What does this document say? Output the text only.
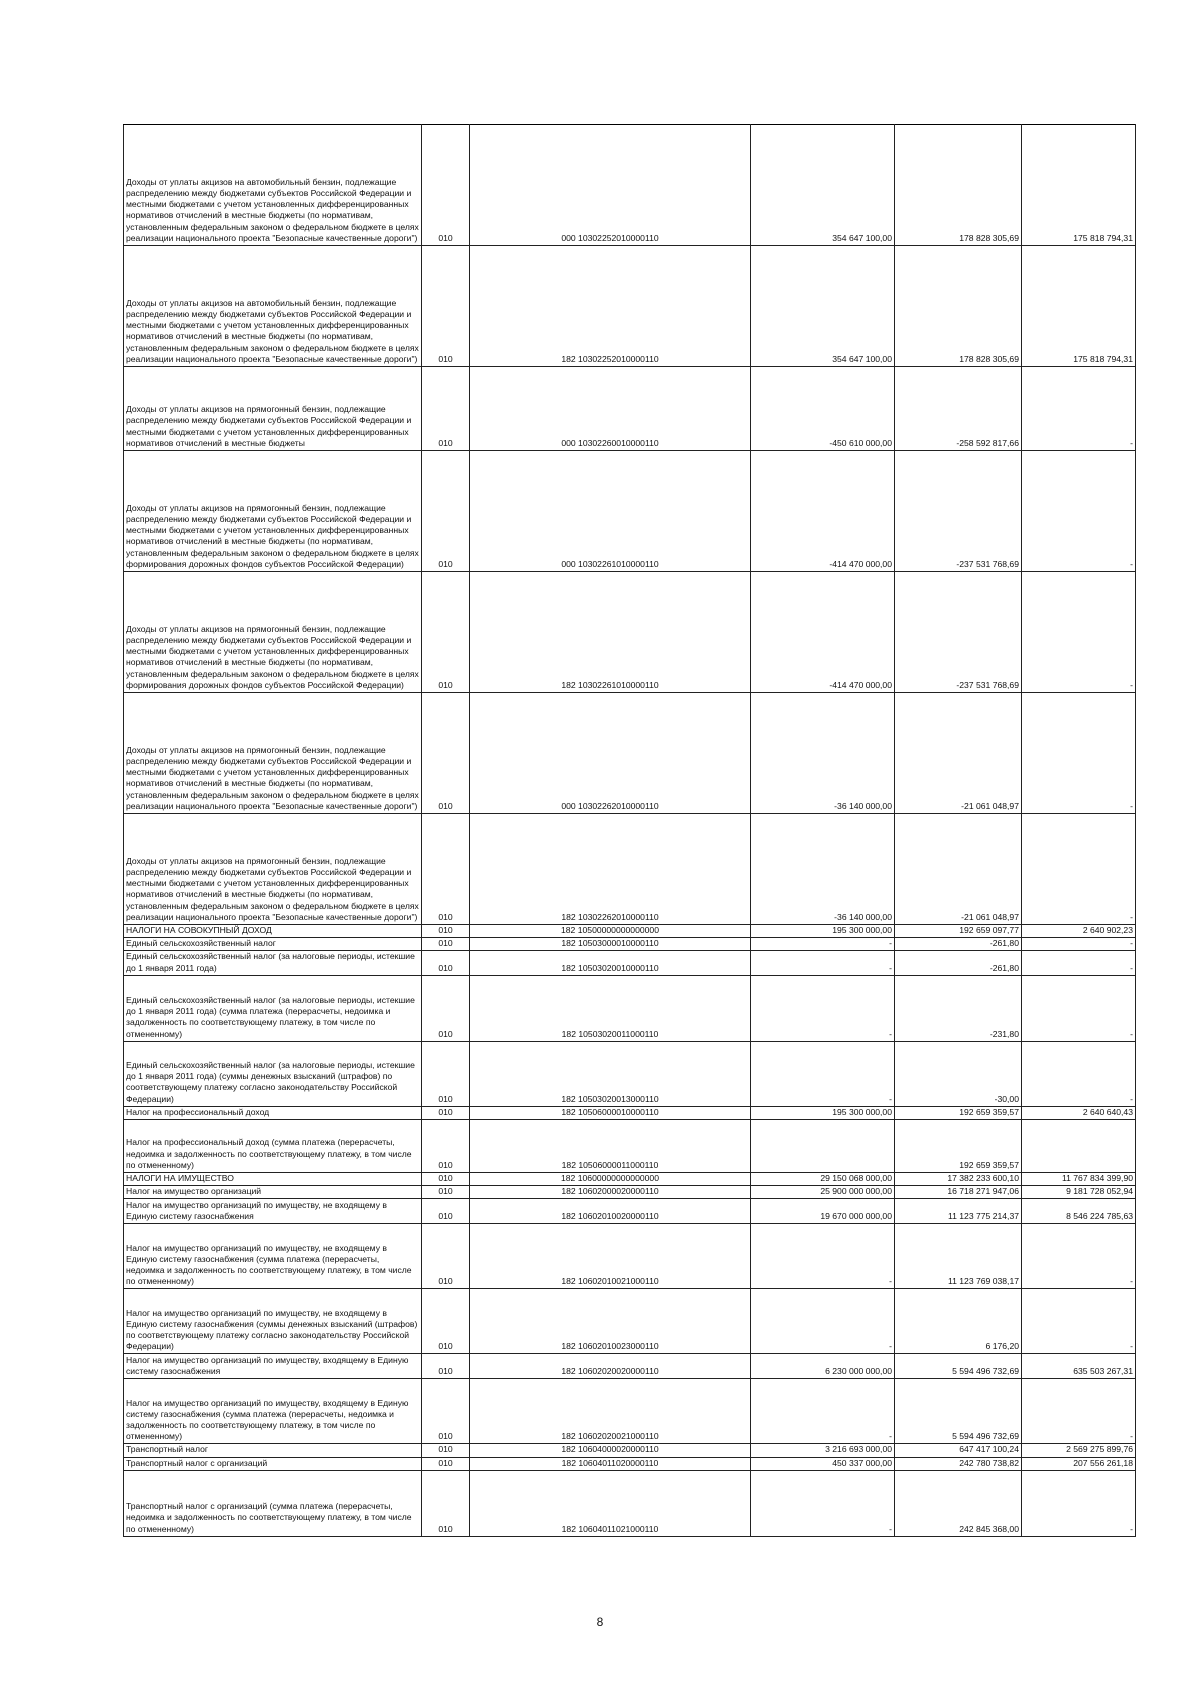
Доходы от уплаты акцизов на автомобильный бензин, подлежащие распределению между бюджетами субъектов Российской Федерации и местными бюджетами с учетом установленных дифференцированных нормативов отчислений в местные бюджеты (по нормативам, установленным федеральным законом о федеральном бюджете в целях реализации национального проекта "Безопасные качественные дороги")	010	000 10302252010000110	354 647 100,00	178 828 305,69	175 818 794,31
Доходы от уплаты акцизов на автомобильный бензин, подлежащие распределению между бюджетами субъектов Российской Федерации и местными бюджетами с учетом установленных дифференцированных нормативов отчислений в местные бюджеты (по нормативам, установленным федеральным законом о федеральном бюджете в целях реализации национального проекта "Безопасные качественные дороги")	010	182 10302252010000110	354 647 100,00	178 828 305,69	175 818 794,31
Доходы от уплаты акцизов на прямогонный бензин, подлежащие распределению между бюджетами субъектов Российской Федерации и местными бюджетами с учетом установленных дифференцированных нормативов отчислений в местные бюджеты	010	000 10302260010000110	-450 610 000,00	-258 592 817,66	-
Доходы от уплаты акцизов на прямогонный бензин, подлежащие распределению между бюджетами субъектов Российской Федерации и местными бюджетами с учетом установленных дифференцированных нормативов отчислений в местные бюджеты (по нормативам, установленным федеральным законом о федеральном бюджете в целях формирования дорожных фондов субъектов Российской Федерации)	010	000 10302261010000110	-414 470 000,00	-237 531 768,69	-
Доходы от уплаты акцизов на прямогонный бензин, подлежащие распределению между бюджетами субъектов Российской Федерации и местными бюджетами с учетом установленных дифференцированных нормативов отчислений в местные бюджеты (по нормативам, установленным федеральным законом о федеральном бюджете в целях формирования дорожных фондов субъектов Российской Федерации)	010	182 10302261010000110	-414 470 000,00	-237 531 768,69	-
Доходы от уплаты акцизов на прямогонный бензин, подлежащие распределению между бюджетами субъектов Российской Федерации и местными бюджетами с учетом установленных дифференцированных нормативов отчислений в местные бюджеты (по нормативам, установленным федеральным законом о федеральном бюджете в целях реализации национального проекта "Безопасные качественные дороги")	010	000 10302262010000110	-36 140 000,00	-21 061 048,97	-
Доходы от уплаты акцизов на прямогонный бензин, подлежащие распределению между бюджетами субъектов Российской Федерации и местными бюджетами с учетом установленных дифференцированных нормативов отчислений в местные бюджеты (по нормативам, установленным федеральным законом о федеральном бюджете в целях реализации национального проекта "Безопасные качественные дороги")	010	182 10302262010000110	-36 140 000,00	-21 061 048,97	-
НАЛОГИ НА СОВОКУПНЫЙ ДОХОД	010	182 10500000000000000	195 300 000,00	192 659 097,77	2 640 902,23
Единый сельскохозяйственный налог	010	182 10503000010000110	-	-261,80	-
Единый сельскохозяйственный налог (за налоговые периоды, истекшие до 1 января 2011 года)	010	182 10503020010000110	-	-261,80	-
Единый сельскохозяйственный налог (за налоговые периоды, истекшие до 1 января 2011 года) (сумма платежа (перерасчеты, недоимка и задолженность по соответствующему платежу, в том числе по отмененному)	010	182 10503020011000110	-	-231,80	-
Единый сельскохозяйственный налог (за налоговые периоды, истекшие до 1 января 2011 года) (суммы денежных взысканий (штрафов) по соответствующему платежу согласно законодательству Российской Федерации)	010	182 10503020013000110	-	-30,00	-
Налог на профессиональный доход	010	182 10506000010000110	195 300 000,00	192 659 359,57	2 640 640,43
Налог на профессиональный доход (сумма платежа (перерасчеты, недоимка и задолженность по соответствующему платежу, в том числе по отмененному)	010	182 10506000011000110		192 659 359,57	
НАЛОГИ НА ИМУЩЕСТВО	010	182 10600000000000000	29 150 068 000,00	17 382 233 600,10	11 767 834 399,90
Налог на имущество организаций	010	182 10602000020000110	25 900 000 000,00	16 718 271 947,06	9 181 728 052,94
Налог на имущество организаций по имуществу, не входящему в Единую систему газоснабжения	010	182 10602010020000110	19 670 000 000,00	11 123 775 214,37	8 546 224 785,63
Налог на имущество организаций по имуществу, не входящему в Единую систему газоснабжения (сумма платежа (перерасчеты, недоимка и задолженность по соответствующему платежу, в том числе по отмененному)	010	182 10602010021000110	-	11 123 769 038,17	-
Налог на имущество организаций по имуществу, не входящему в Единую систему газоснабжения (суммы денежных взысканий (штрафов) по соответствующему платежу согласно законодательству Российской Федерации)	010	182 10602010023000110	-	6 176,20	-
Налог на имущество организаций по имуществу, входящему в Единую систему газоснабжения	010	182 10602020020000110	6 230 000 000,00	5 594 496 732,69	635 503 267,31
Налог на имущество организаций по имуществу, входящему в Единую систему газоснабжения (сумма платежа (перерасчеты, недоимка и задолженность по соответствующему платежу, в том числе по отмененному)	010	182 10602020021000110	-	5 594 496 732,69	-
Транспортный налог	010	182 10604000020000110	3 216 693 000,00	647 417 100,24	2 569 275 899,76
Транспортный налог с организаций	010	182 10604011020000110	450 337 000,00	242 780 738,82	207 556 261,18
Транспортный налог с организаций (сумма платежа (перерасчеты, недоимка и задолженность по соответствующему платежу, в том числе по отмененному)	010	182 10604011021000110	-	242 845 368,00	-
8
